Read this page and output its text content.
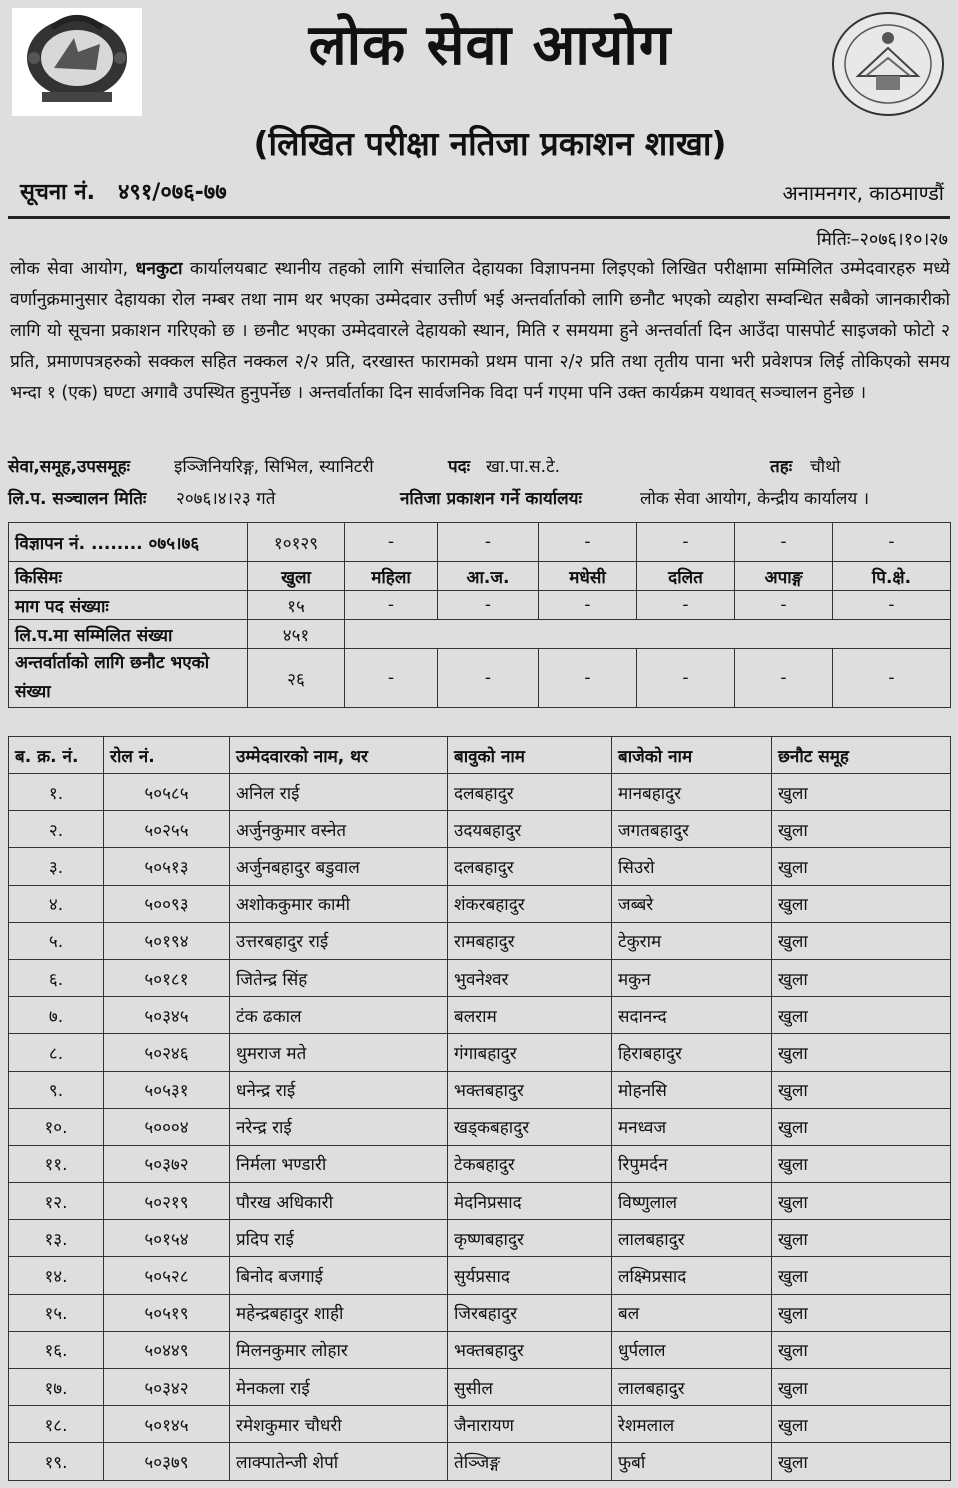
लोक सेवा आयोग
(लिखित परीक्षा नतिजा प्रकाशन शाखा)
सूचना नं. ४९१/०७६-७७	अनामनगर, काठमाण्डौं
मितिः–२०७६।१०।२७
लोक सेवा आयोग, धनकुटा कार्यालयबाट स्थानीय तहको लागि संचालित देहायका विज्ञापनमा लिइएको लिखित परीक्षामा सम्मिलित उम्मेदवारहरु मध्ये वर्णानुक्रमानुसार देहायका रोल नम्बर तथा नाम थर भएका उम्मेदवार उत्तीर्ण भई अन्तर्वार्ताको लागि छनौट भएको व्यहोरा सम्वन्धित सबैको जानकारीको लागि यो सूचना प्रकाशन गरिएको छ । छनौट भएका उम्मेदवारले देहायको स्थान, मिति र समयमा हुने अन्तर्वार्ता दिन आउँदा पासपोर्ट साइजको फोटो २ प्रति, प्रमाणपत्रहरुको सक्कल सहित नक्कल २/२ प्रति, दरखास्त फारामको प्रथम पाना २/२ प्रति तथा तृतीय पाना भरी प्रवेशपत्र लिई तोकिएको समय भन्दा १ (एक) घण्टा अगावै उपस्थित हुनुपर्नेछ । अन्तर्वार्ताका दिन सार्वजनिक विदा पर्न गएमा पनि उक्त कार्यक्रम यथावत् सञ्चालन हुनेछ ।
सेवा,समूह,उपसमूहः	इञ्जिनियरिङ्ग, सिभिल, स्यानिटरी	पदः खा.पा.स.टे.	तहः चौथो
लि.प. सञ्चालन मितिः २०७६।४।२३ गते	नतिजा प्रकाशन गर्ने कार्यालयः	लोक सेवा आयोग, केन्द्रीय कार्यालय ।
विज्ञापन नं. ........ ०७५।७६	१०१२९	-	-	-	-	-	-
किसिमः	खुला	महिला	आ.ज.	मधेसी	दलित	अपाङ्ग	पि.क्षे.
माग पद संख्याः	१५	-	-	-	-	-	-
लि.प.मा सम्मिलित संख्या	४५१						
अन्तर्वार्ताको लागि छनौट भएको संख्या	२६	-	-	-	-	-	-
ब. क्र. नं.	रोल नं.	उम्मेदवारको नाम, थर	बावुको नाम	बाजेको नाम	छनौट समूह
१.	५०५८५	अनिल राई	दलबहादुर	मानबहादुर	खुला
२.	५०२५५	अर्जुनकुमार वस्नेत	उदयबहादुर	जगतबहादुर	खुला
३.	५०५१३	अर्जुनबहादुर बडुवाल	दलबहादुर	सिउरो	खुला
४.	५००९३	अशोककुमार कामी	शंकरबहादुर	जब्बरे	खुला
५.	५०१९४	उत्तरबहादुर राई	रामबहादुर	टेकुराम	खुला
६.	५०१८१	जितेन्द्र सिंह	भुवनेश्वर	मकुन	खुला
७.	५०३४५	टंक ढकाल	बलराम	सदानन्द	खुला
८.	५०२४६	थुमराज मते	गंगाबहादुर	हिराबहादुर	खुला
९.	५०५३१	धनेन्द्र राई	भक्तबहादुर	मोहनसि	खुला
१०.	५०००४	नरेन्द्र राई	खड्कबहादुर	मनध्वज	खुला
११.	५०३७२	निर्मला भण्डारी	टेकबहादुर	रिपुमर्दन	खुला
१२.	५०२१९	पौरख अधिकारी	मेदनिप्रसाद	विष्णुलाल	खुला
१३.	५०१५४	प्रदिप राई	कृष्णबहादुर	लालबहादुर	खुला
१४.	५०५२८	बिनोद बजगाई	सुर्यप्रसाद	लक्ष्मिप्रसाद	खुला
१५.	५०५१९	महेन्द्रबहादुर शाही	जिरबहादुर	बल	खुला
१६.	५०४४९	मिलनकुमार लोहार	भक्तबहादुर	धुर्पलाल	खुला
१७.	५०३४२	मेनकला राई	सुसील	लालबहादुर	खुला
१८.	५०१४५	रमेशकुमार चौधरी	जैनारायण	रेशमलाल	खुला
१९.	५०३७९	लाक्पातेन्जी शेर्पा	तेञ्जिङ्ग	फुर्बा	खुला
